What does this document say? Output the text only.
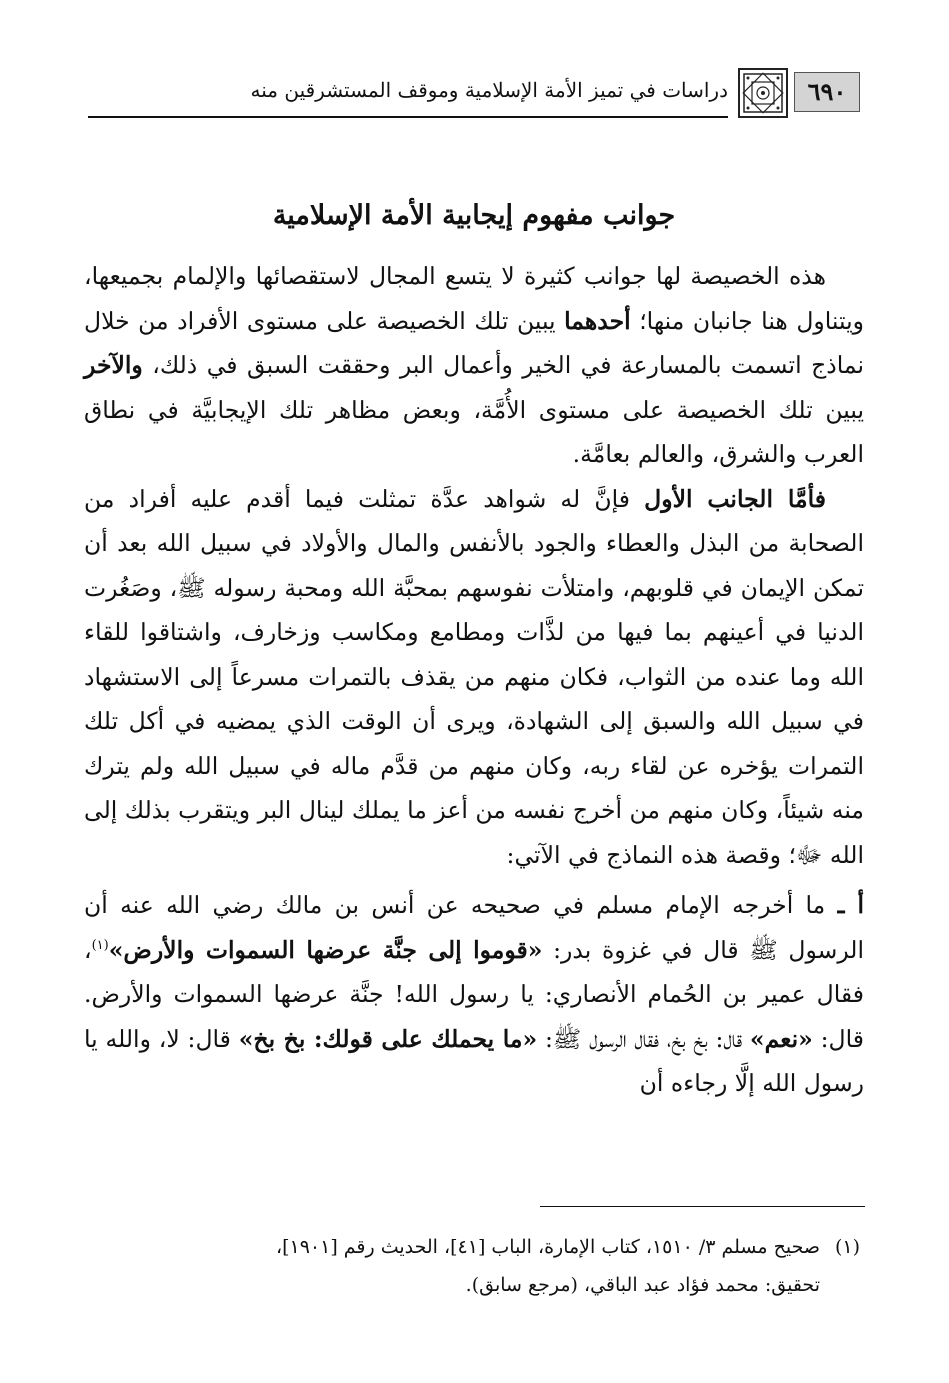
٦٩٠
دراسات في تميز الأمة الإسلامية وموقف المستشرقين منه
جوانب مفهوم إيجابية الأمة الإسلامية

هذه الخصيصة لها جوانب كثيرة لا يتسع المجال لاستقصائها والإلمام بجميعها، ويتناول هنا جانبان منها؛ أحدهما يبين تلك الخصيصة على مستوى الأفراد من خلال نماذج اتسمت بالمسارعة في الخير وأعمال البر وحققت السبق في ذلك، والآخر يبين تلك الخصيصة على مستوى الأُمَّة، وبعض مظاهر تلك الإيجابيَّة في نطاق العرب والشرق، والعالم بعامَّة.

فأمَّا الجانب الأول فإنَّ له شواهد عدَّة تمثلت فيما أقدم عليه أفراد من الصحابة من البذل والعطاء والجود بالأنفس والمال والأولاد في سبيل الله بعد أن تمكن الإيمان في قلوبهم، وامتلأت نفوسهم بمحبَّة الله ومحبة رسوله ﷺ، وصَغُرت الدنيا في أعينهم بما فيها من لذَّات ومطامع ومكاسب وزخارف، واشتاقوا للقاء الله وما عنده من الثواب، فكان منهم من يقذف بالتمرات مسرعاً إلى الاستشهاد في سبيل الله والسبق إلى الشهادة، ويرى أن الوقت الذي يمضيه في أكل تلك التمرات يؤخره عن لقاء ربه، وكان منهم من قدَّم ماله في سبيل الله ولم يترك منه شيئاً، وكان منهم من أخرج نفسه من أعز ما يملك لينال البر ويتقرب بذلك إلى الله ﷻ؛ وقصة هذه النماذج في الآتي:

أ ـ ما أخرجه الإمام مسلم في صحيحه عن أنس بن مالك رضي الله عنه أن الرسول ﷺ قال في غزوة بدر: «قوموا إلى جنَّة عرضها السموات والأرض»$^{(١)}$، فقال عمير بن الحُمام الأنصاري: يا رسول الله! جنَّة عرضها السموات والأرض. قال: «نعم» قال: بخ بخ، فقال الرسول ﷺ: «ما يحملك على قولك: بخ بخ» قال: لا، والله يا رسول الله إلَّا رجاءه أن

(١)صحيح مسلم ٣/ ١٥١٠، كتاب الإمارة، الباب [٤١]، الحديث رقم [١٩٠١]،
تحقيق: محمد فؤاد عبد الباقي، (مرجع سابق).
